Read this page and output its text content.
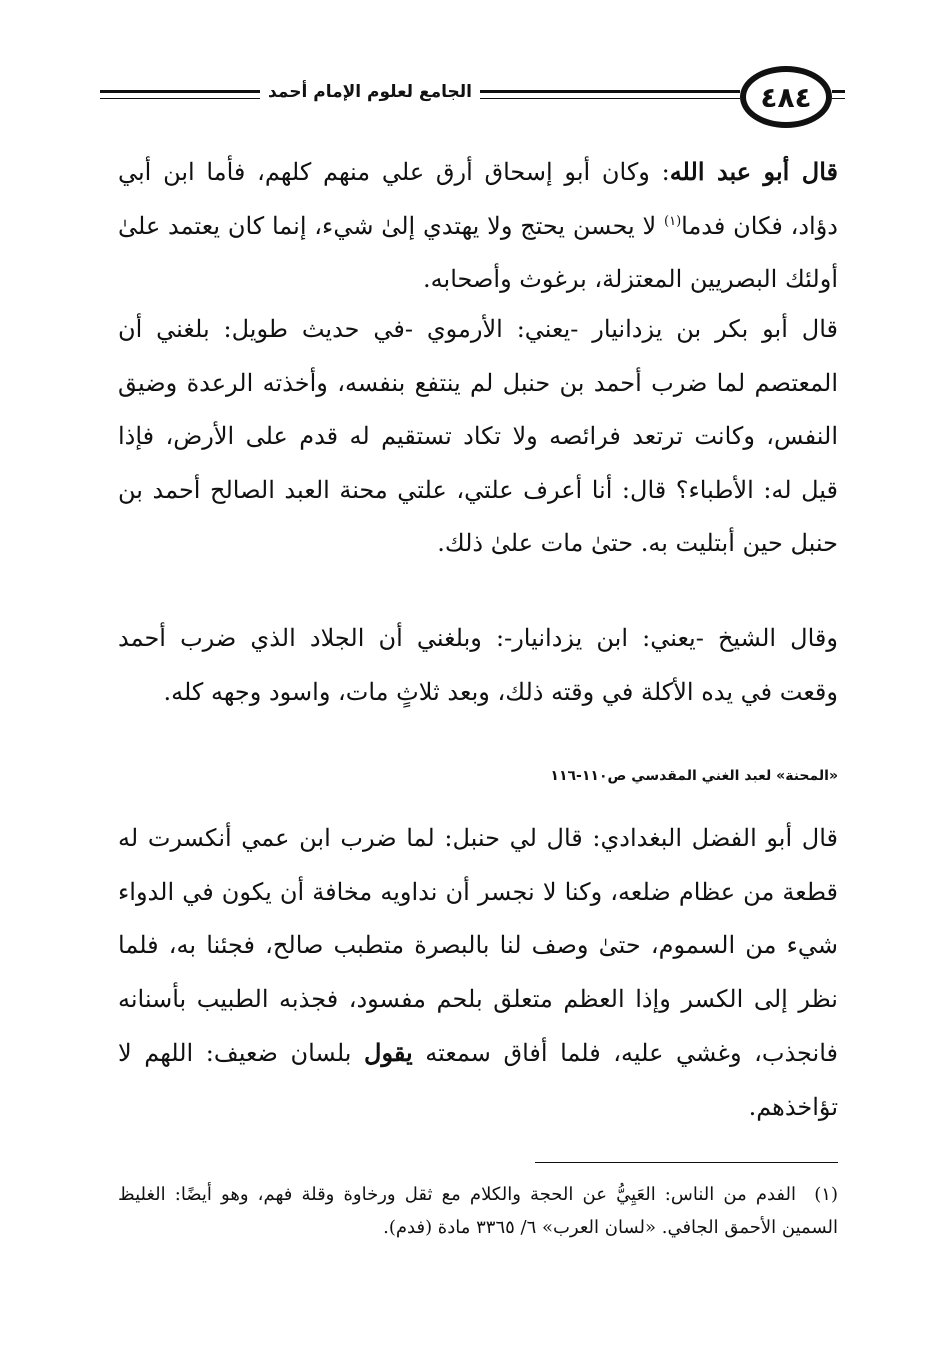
٤٨٤
الجامع لعلوم الإمام أحمد
قال أبو عبد الله: وكان أبو إسحاق أرق علي منهم كلهم، فأما ابن أبي دؤاد، فكان فدما$^{(١)}$ لا يحسن يحتج ولا يهتدي إلىٰ شيء، إنما كان يعتمد علىٰ أولئك البصريين المعتزلة، برغوث وأصحابه.
قال أبو بكر بن يزدانيار -يعني: الأرموي -في حديث طويل: بلغني أن المعتصم لما ضرب أحمد بن حنبل لم ينتفع بنفسه، وأخذته الرعدة وضيق النفس، وكانت ترتعد فرائصه ولا تكاد تستقيم له قدم على الأرض، فإذا قيل له: الأطباء؟ قال: أنا أعرف علتي، علتي محنة العبد الصالح أحمد بن حنبل حين أبتليت به. حتىٰ مات علىٰ ذلك.
وقال الشيخ -يعني: ابن يزدانيار-: وبلغني أن الجلاد الذي ضرب أحمد وقعت في يده الأكلة في وقته ذلك، وبعد ثلاثٍ مات، واسود وجهه كله.
«المحنة» لعبد الغني المقدسي ص١١٠-١١٦
قال أبو الفضل البغدادي: قال لي حنبل: لما ضرب ابن عمي أنكسرت له قطعة من عظام ضلعه، وكنا لا نجسر أن نداويه مخافة أن يكون في الدواء شيء من السموم، حتىٰ وصف لنا بالبصرة متطبب صالح، فجئنا به، فلما نظر إلى الكسر وإذا العظم متعلق بلحم مفسود، فجذبه الطبيب بأسنانه فانجذب، وغشي عليه، فلما أفاق سمعته يقول بلسان ضعيف: اللهم لا تؤاخذهم.
(١)  الفدم من الناس: العَيِيُّ عن الحجة والكلام مع ثقل ورخاوة وقلة فهم، وهو أيضًا: الغليظ السمين الأحمق الجافي. «لسان العرب» ٦/ ٣٣٦٥ مادة (فدم).
